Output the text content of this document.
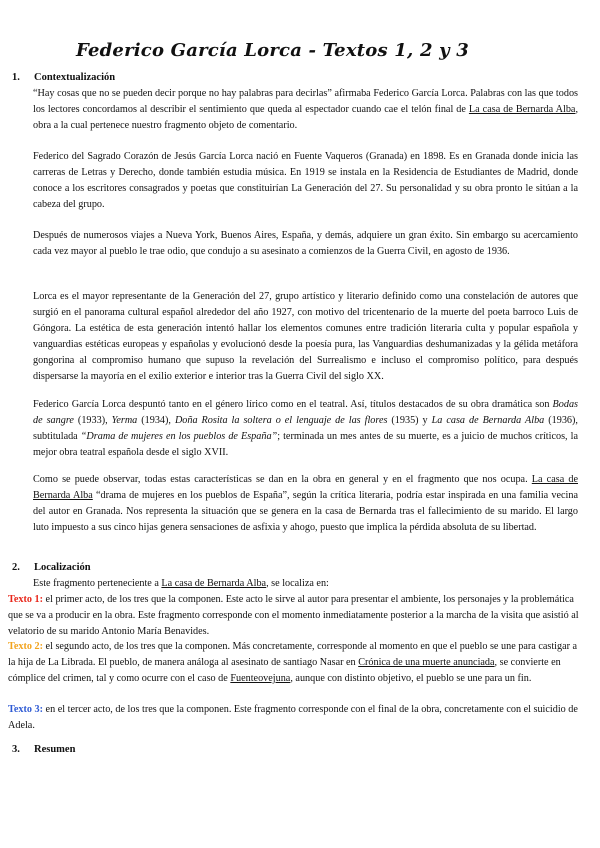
Federico García Lorca - Textos 1, 2 y 3
1. Contextualización
“Hay cosas que no se pueden decir porque no hay palabras para decirlas” afirmaba Federico García Lorca. Palabras con las que todos los lectores concordamos al describir el sentimiento que queda al espectador cuando cae el telón final de La casa de Bernarda Alba, obra a la cual pertenece nuestro fragmento objeto de comentario.
Federico del Sagrado Corazón de Jesús García Lorca nació en Fuente Vaqueros (Granada) en 1898. Es en Granada donde inicia las carreras de Letras y Derecho, donde también estudia música. En 1919 se instala en la Residencia de Estudiantes de Madrid, donde conoce a los escritores consagrados y poetas que constituirían La Generación del 27. Su personalidad y su obra pronto le sitúan a la cabeza del grupo.
Después de numerosos viajes a Nueva York, Buenos Aires, España, y demás, adquiere un gran éxito. Sin embargo su acercamiento cada vez mayor al pueblo le trae odio, que condujo a su asesinato a comienzos de la Guerra Civil, en agosto de 1936.
Lorca es el mayor representante de la Generación del 27, grupo artístico y literario definido como una constelación de autores que surgió en el panorama cultural español alrededor del año 1927, con motivo del tricentenario de la muerte del poeta barroco Luis de Góngora. La estética de esta generación intentó hallar los elementos comunes entre tradición literaria culta y popular española y vanguardias estéticas europeas y españolas y evolucionó desde la poesía pura, las Vanguardias deshumanizadas y la gélida metáfora gongorina al compromiso humano que supuso la revelación del Surrealismo e incluso el compromiso político, para después dispersarse la mayoría en el exilio exterior e interior tras la Guerra Civil del siglo XX.
Federico García Lorca despuntó tanto en el género lírico como en el teatral. Así, títulos destacados de su obra dramática son Bodas de sangre (1933), Yerma (1934), Doña Rosita la soltera o el lenguaje de las flores (1935) y La casa de Bernarda Alba (1936), subtitulada “Drama de mujeres en los pueblos de España”; terminada un mes antes de su muerte, es a juicio de muchos críticos, la mejor obra teatral española desde el siglo XVII.
Como se puede observar, todas estas características se dan en la obra en general y en el fragmento que nos ocupa. La casa de Bernarda Alba “drama de mujeres en los pueblos de España”, según la crítica literaria, podría estar inspirada en una familia vecina del autor en Granada. Nos representa la situación que se genera en la casa de Bernarda tras el fallecimiento de su marido. El largo luto impuesto a sus cinco hijas genera sensaciones de asfixia y ahogo, puesto que implica la pérdida absoluta de su libertad.
2. Localización
Este fragmento perteneciente a La casa de Bernarda Alba, se localiza en:
Texto 1: el primer acto, de los tres que la componen. Este acto le sirve al autor para presentar el ambiente, los personajes y la problemática que se va a producir en la obra. Este fragmento corresponde con el momento inmediatamente posterior a la marcha de la visita que asistió al velatorio de su marido Antonio María Benavides.
Texto 2: el segundo acto, de los tres que la componen. Más concretamente, corresponde al momento en que el pueblo se une para castigar a la hija de La Librada. El pueblo, de manera análoga al asesinato de santiago Nasar en Crónica de una muerte anunciada, se convierte en cómplice del crimen, tal y como ocurre con el caso de Fuenteovejuna, aunque con distinto objetivo, el pueblo se une para un fin.
Texto 3: en el tercer acto, de los tres que la componen. Este fragmento corresponde con el final de la obra, concretamente con el suicidio de Adela.
3. Resumen
